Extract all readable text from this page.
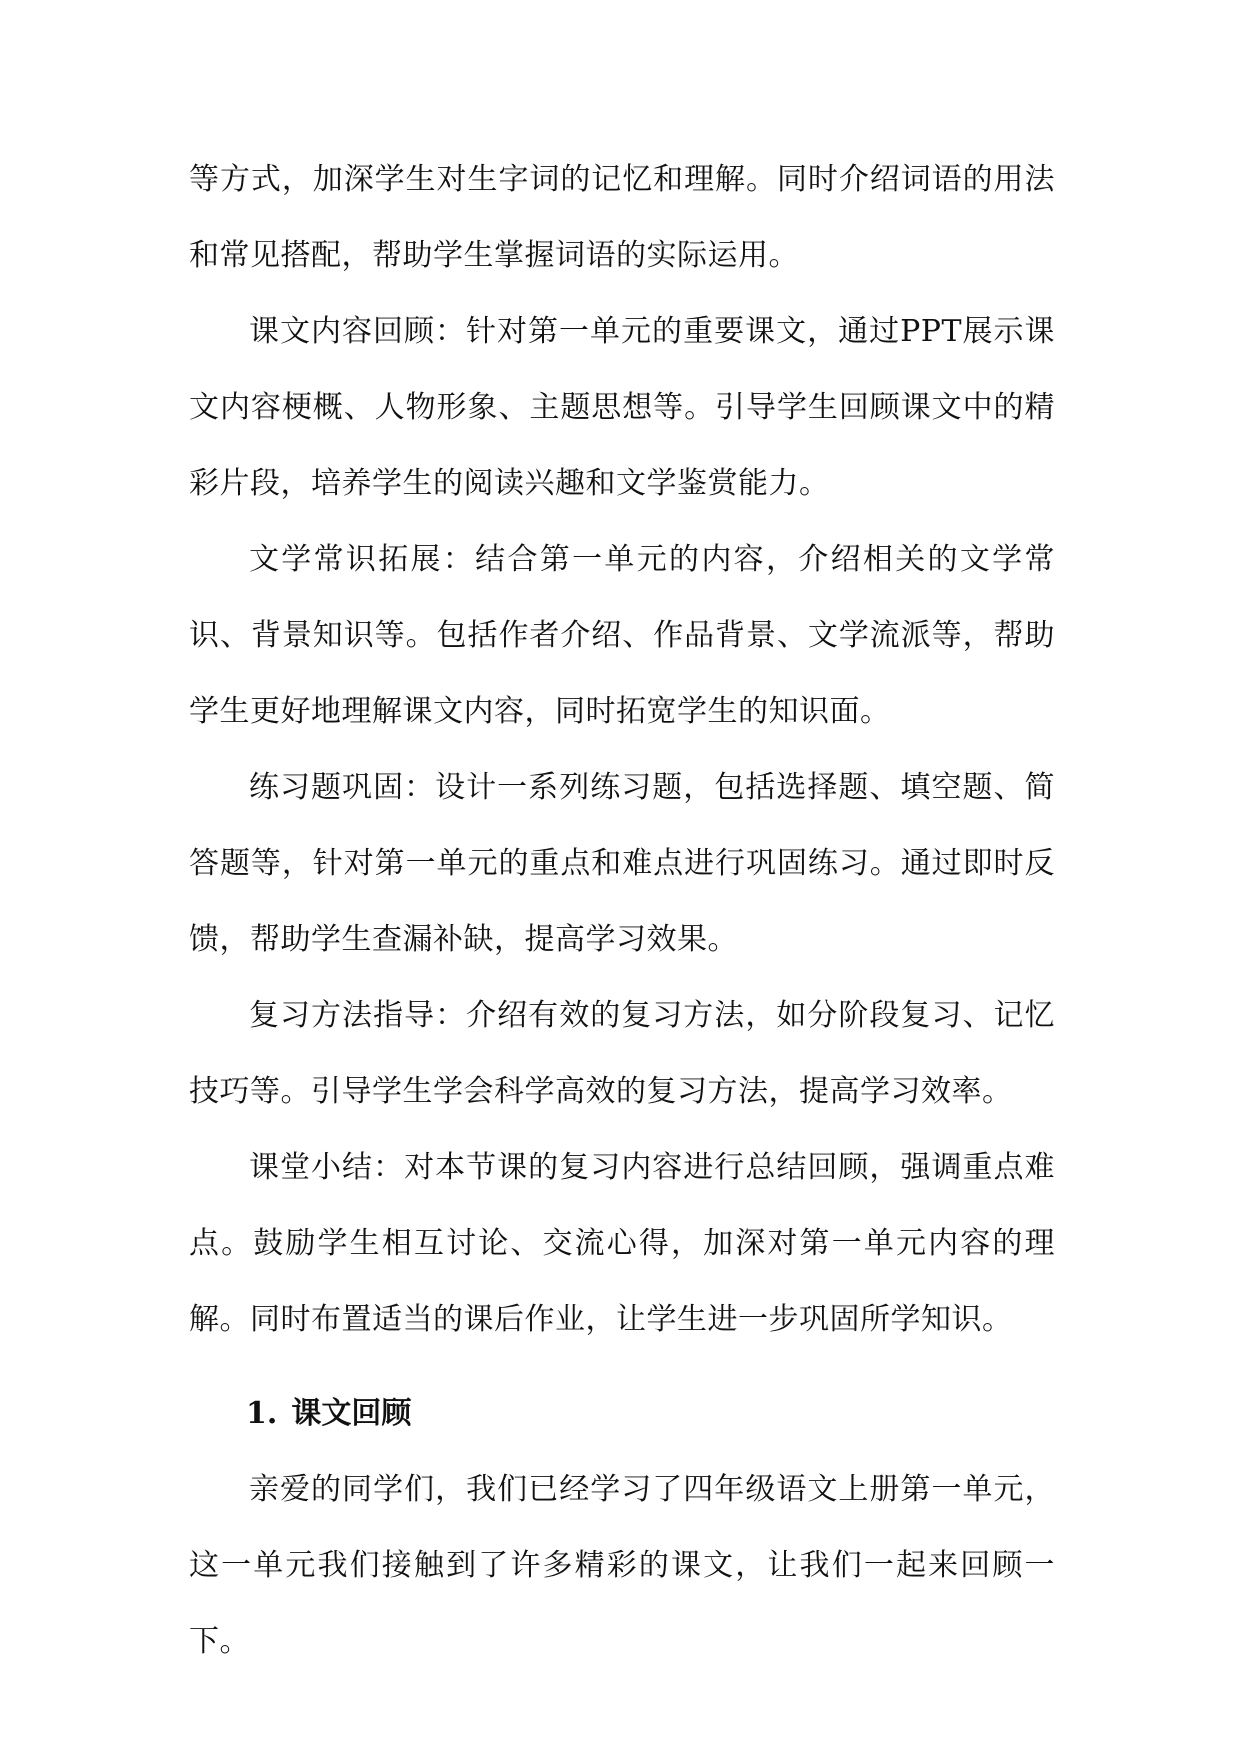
等方式，加深学生对生字词的记忆和理解。同时介绍词语的用法和常见搭配，帮助学生掌握词语的实际运用。

课文内容回顾：针对第一单元的重要课文，通过PPT展示课文内容梗概、人物形象、主题思想等。引导学生回顾课文中的精彩片段，培养学生的阅读兴趣和文学鉴赏能力。

文学常识拓展：结合第一单元的内容，介绍相关的文学常识、背景知识等。包括作者介绍、作品背景、文学流派等，帮助学生更好地理解课文内容，同时拓宽学生的知识面。

练习题巩固：设计一系列练习题，包括选择题、填空题、简答题等，针对第一单元的重点和难点进行巩固练习。通过即时反馈，帮助学生查漏补缺，提高学习效果。

复习方法指导：介绍有效的复习方法，如分阶段复习、记忆技巧等。引导学生学会科学高效的复习方法，提高学习效率。

课堂小结：对本节课的复习内容进行总结回顾，强调重点难点。鼓励学生相互讨论、交流心得，加深对第一单元内容的理解。同时布置适当的课后作业，让学生进一步巩固所学知识。

1. 课文回顾

亲爱的同学们，我们已经学习了四年级语文上册第一单元，这一单元我们接触到了许多精彩的课文，让我们一起来回顾一下。
